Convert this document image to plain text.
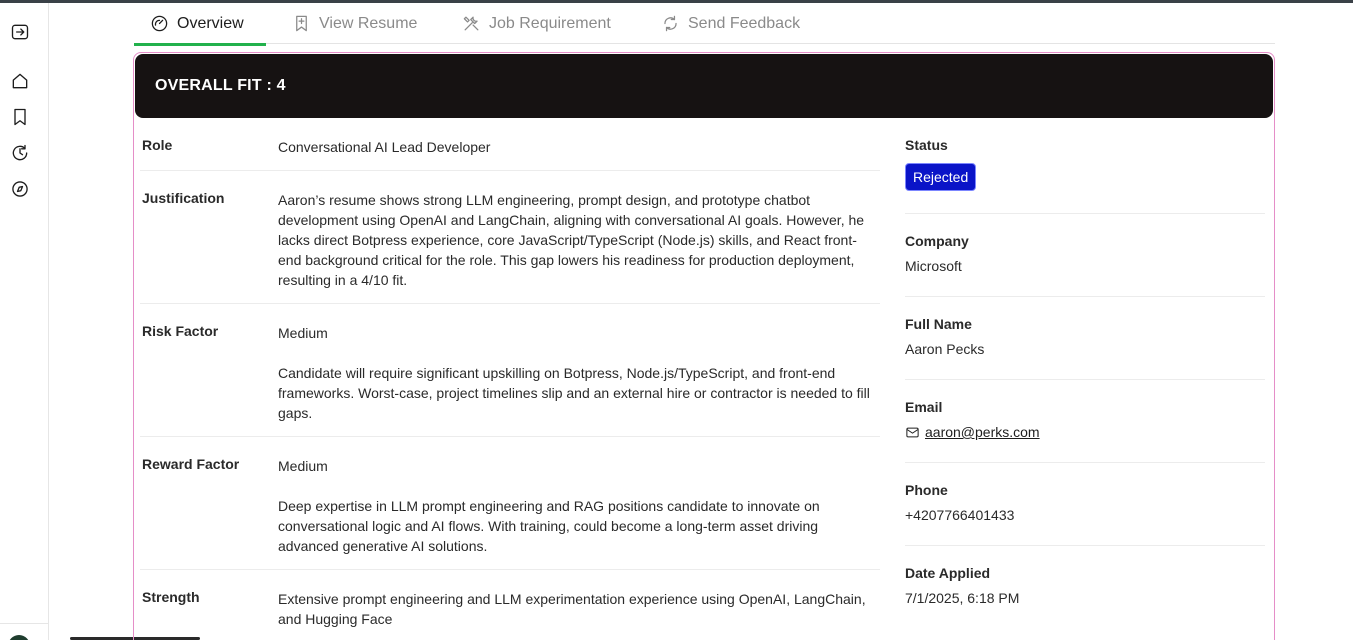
Overview	View Resume	Job Requirement	Send Feedback
OVERALL FIT : 4
Role	Conversational AI Lead Developer
Justification	Aaron’s resume shows strong LLM engineering, prompt design, and prototype chatbot development using OpenAI and LangChain, aligning with conversational AI goals. However, he lacks direct Botpress experience, core JavaScript/TypeScript (Node.js) skills, and React front-end background critical for the role. This gap lowers his readiness for production deployment, resulting in a 4/10 fit.
Risk Factor	Medium

Candidate will require significant upskilling on Botpress, Node.js/TypeScript, and front-end frameworks. Worst-case, project timelines slip and an external hire or contractor is needed to fill gaps.

Reward Factor	Medium

Deep expertise in LLM prompt engineering and RAG positions candidate to innovate on conversational logic and AI flows. With training, could become a long-term asset driving advanced generative AI solutions.

Strength	Extensive prompt engineering and LLM experimentation experience using OpenAI, LangChain, and Hugging Face
Status
Rejected
Company
Microsoft
Full Name
Aaron Pecks
Email
aaron@perks.com
Phone
+4207766401433
Date Applied
7/1/2025, 6:18 PM
